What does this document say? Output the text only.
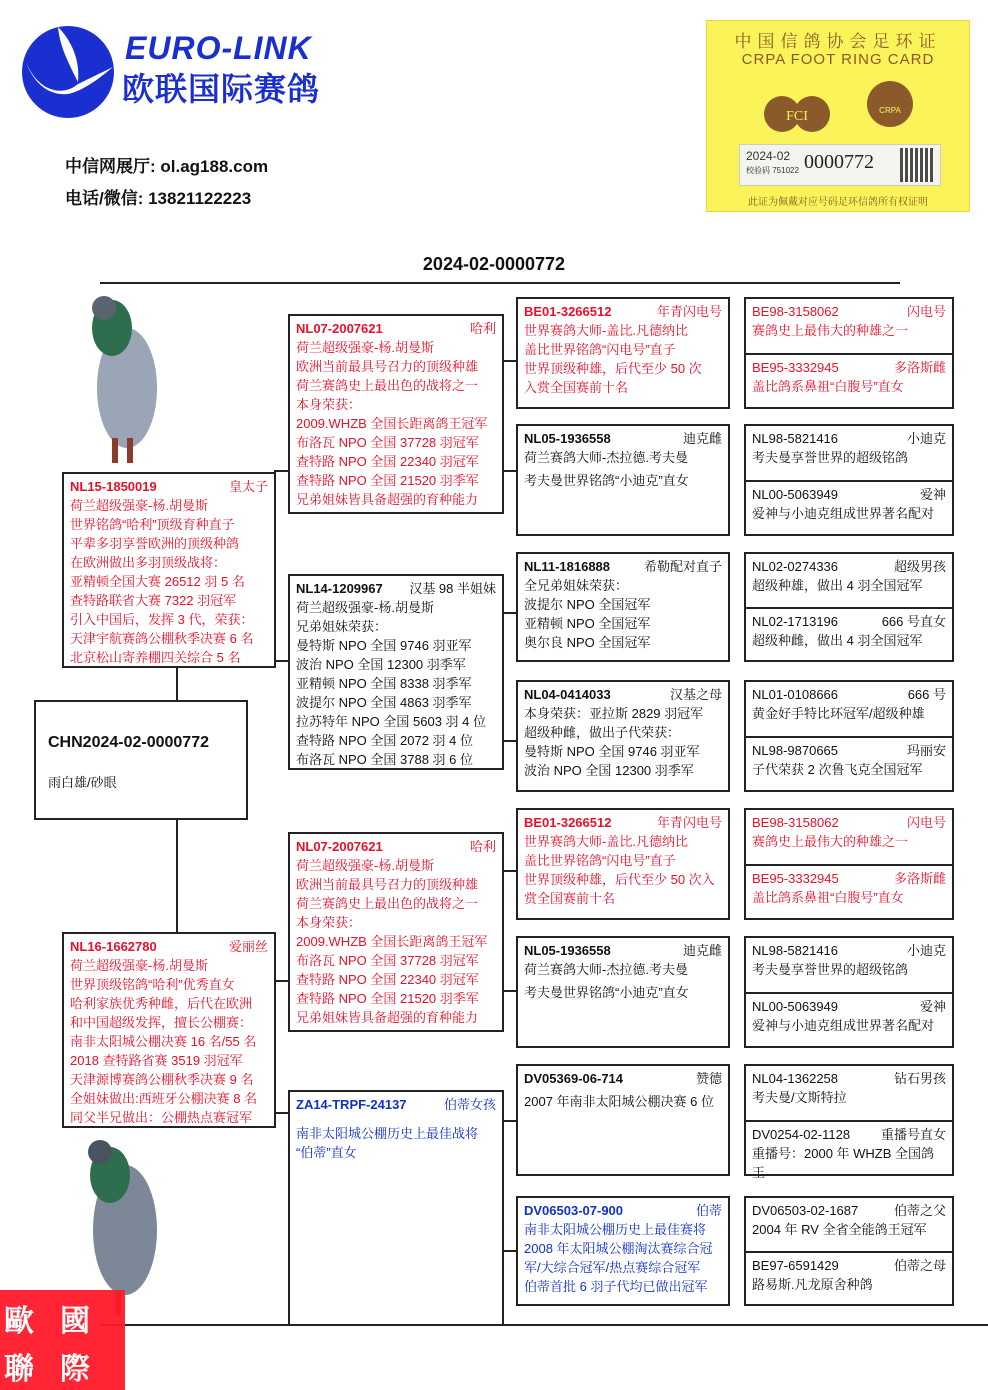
EURO-LINK
欧联国际赛鸽
中信网展厅: ol.ag188.com
电话/微信: 13821122223
中国信鸽协会足环证
CRPA FOOT RING CARD
FCI	CRPA
2024-02
校验码 751022 0000772
此证为佩戴对应号码足环信鸽所有权证明
2024-02-0000772
CHN2024-02-0000772
雨白雄/砂眼
NL15-1850019	皇太子
荷兰超级强豪-杨.胡曼斯
世界铭鸽“哈利”顶级育种直子
平辈多羽享誉欧洲的顶级种鸽
在欧洲做出多羽顶级战将：
亚精顿全国大赛 26512 羽 5 名
查特路联省大赛 7322 羽冠军
引入中国后，发挥 3 代，荣获：
天津宇航赛鸽公棚秋季决赛 6 名
北京松山寄养棚四关综合 5 名
NL16-1662780	爱丽丝
荷兰超级强豪-杨.胡曼斯
世界顶级铭鸽“哈利”优秀直女
哈利家族优秀种雌，后代在欧洲
和中国超级发挥，擅长公棚赛：
南非太阳城公棚决赛 16 名/55 名
2018 查特路省赛 3519 羽冠军
天津源博赛鸽公棚秋季决赛 9 名
全姐妹做出:西班牙公棚决赛 8 名
同父半兄做出：公棚热点赛冠军
NL07-2007621	哈利
荷兰超级强豪-杨.胡曼斯
欧洲当前最具号召力的顶级种雄
荷兰赛鸽史上最出色的战将之一
本身荣获：
2009.WHZB 全国长距离鸽王冠军
布洛瓦 NPO 全国 37728 羽冠军
查特路 NPO 全国 22340 羽冠军
查特路 NPO 全国 21520 羽季军
兄弟姐妹皆具备超强的育种能力
NL14-1209967 汉基 98 半姐妹
荷兰超级强豪-杨.胡曼斯
兄弟姐妹荣获：
曼特斯 NPO 全国 9746 羽亚军
波治 NPO 全国 12300 羽季军
亚精顿 NPO 全国 8338 羽季军
波提尔 NPO 全国 4863 羽季军
拉苏特年 NPO 全国 5603 羽 4 位
查特路 NPO 全国 2072 羽 4 位
布洛瓦 NPO 全国 3788 羽 6 位
NL07-2007621	哈利
荷兰超级强豪-杨.胡曼斯
欧洲当前最具号召力的顶级种雄
荷兰赛鸽史上最出色的战将之一
本身荣获：
2009.WHZB 全国长距离鸽王冠军
布洛瓦 NPO 全国 37728 羽冠军
查特路 NPO 全国 22340 羽冠军
查特路 NPO 全国 21520 羽季军
兄弟姐妹皆具备超强的育种能力
ZA14-TRPF-24137	伯蒂女孩
南非太阳城公棚历史上最佳战将
“伯蒂”直女
BE01-3266512	年青闪电号
世界赛鸽大师-盖比.凡德纳比
盖比世界铭鸽“闪电号”直子
世界顶级种雄，后代至少 50 次
入赏全国赛前十名
NL05-1936558	迪克雌
荷兰赛鸽大师-杰拉德.考夫曼
考夫曼世界铭鸽“小迪克”直女
NL11-1816888	希勒配对直子
全兄弟姐妹荣获：
波提尔 NPO 全国冠军
亚精顿 NPO 全国冠军
奥尔良 NPO 全国冠军
NL04-0414033	汉基之母
本身荣获：亚拉斯 2829 羽冠军
超级种雌，做出子代荣获：
曼特斯 NPO 全国 9746 羽亚军
波治 NPO 全国 12300 羽季军
BE01-3266512	年青闪电号
世界赛鸽大师-盖比.凡德纳比
盖比世界铭鸽“闪电号”直子
世界顶级种雄，后代至少 50 次入
赏全国赛前十名
NL05-1936558	迪克雌
荷兰赛鸽大师-杰拉德.考夫曼
考夫曼世界铭鸽“小迪克”直女
DV05369-06-714	赞德
2007 年南非太阳城公棚决赛 6 位
DV06503-07-900	伯蒂
南非太阳城公棚历史上最佳赛将
2008 年太阳城公棚淘汰赛综合冠
军/大综合冠军/热点赛综合冠军
伯蒂首批 6 羽子代均已做出冠军
BE98-3158062	闪电号
赛鸽史上最伟大的种雄之一
BE95-3332945	多洛斯雌
盖比鸽系鼻祖“白腹号”直女
NL98-5821416	小迪克
考夫曼享誉世界的超级铭鸽
NL00-5063949	爱神
爱神与小迪克组成世界著名配对
NL02-0274336	超级男孩
超级种雄，做出 4 羽全国冠军
NL02-1713196	666 号直女
超级种雌，做出 4 羽全国冠军
NL01-0108666	666 号
黄金好手特比环冠军/超级种雄
NL98-9870665	玛丽安
子代荣获 2 次鲁飞克全国冠军
BE98-3158062	闪电号
赛鸽史上最伟大的种雄之一
BE95-3332945	多洛斯雌
盖比鸽系鼻祖“白腹号”直女
NL98-5821416	小迪克
考夫曼享誉世界的超级铭鸽
NL00-5063949	爱神
爱神与小迪克组成世界著名配对
NL04-1362258	钻石男孩
考夫曼/文斯特拉
DV0254-02-1128 重播号直女
重播号：2000 年 WHZB 全国鸽王
DV06503-02-1687	伯蒂之父
2004 年 RV 全省全能鸽王冠军
BE97-6591429	伯蒂之母
路易斯.凡龙原舍种鸽
歐
聯
國
際
